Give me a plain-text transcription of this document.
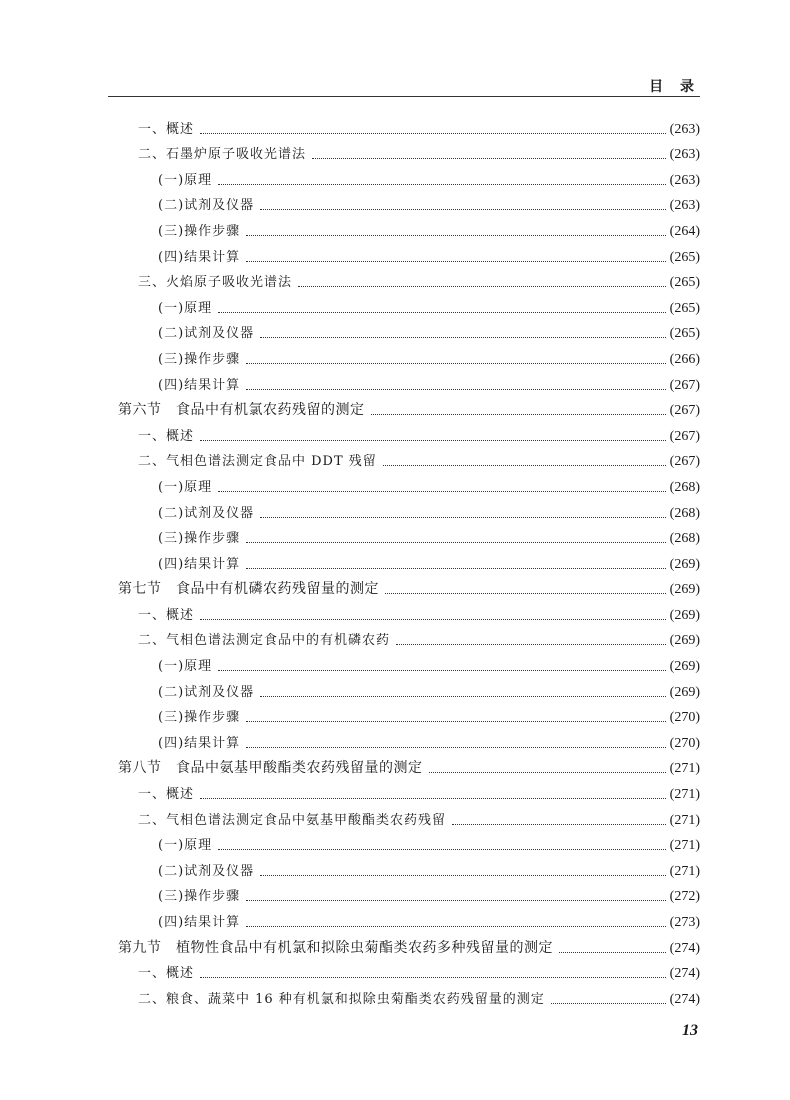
目 录
一、概述	(263)
二、石墨炉原子吸收光谱法	(263)
(一)原理	(263)
(二)试剂及仪器	(263)
(三)操作步骤	(264)
(四)结果计算	(265)
三、火焰原子吸收光谱法	(265)
(一)原理	(265)
(二)试剂及仪器	(265)
(三)操作步骤	(266)
(四)结果计算	(267)
第六节　食品中有机氯农药残留的测定	(267)
一、概述	(267)
二、气相色谱法测定食品中 DDT 残留	(267)
(一)原理	(268)
(二)试剂及仪器	(268)
(三)操作步骤	(268)
(四)结果计算	(269)
第七节　食品中有机磷农药残留量的测定	(269)
一、概述	(269)
二、气相色谱法测定食品中的有机磷农药	(269)
(一)原理	(269)
(二)试剂及仪器	(269)
(三)操作步骤	(270)
(四)结果计算	(270)
第八节　食品中氨基甲酸酯类农药残留量的测定	(271)
一、概述	(271)
二、气相色谱法测定食品中氨基甲酸酯类农药残留	(271)
(一)原理	(271)
(二)试剂及仪器	(271)
(三)操作步骤	(272)
(四)结果计算	(273)
第九节　植物性食品中有机氯和拟除虫菊酯类农药多种残留量的测定	(274)
一、概述	(274)
二、粮食、蔬菜中 16 种有机氯和拟除虫菊酯类农药残留量的测定	(274)
13
